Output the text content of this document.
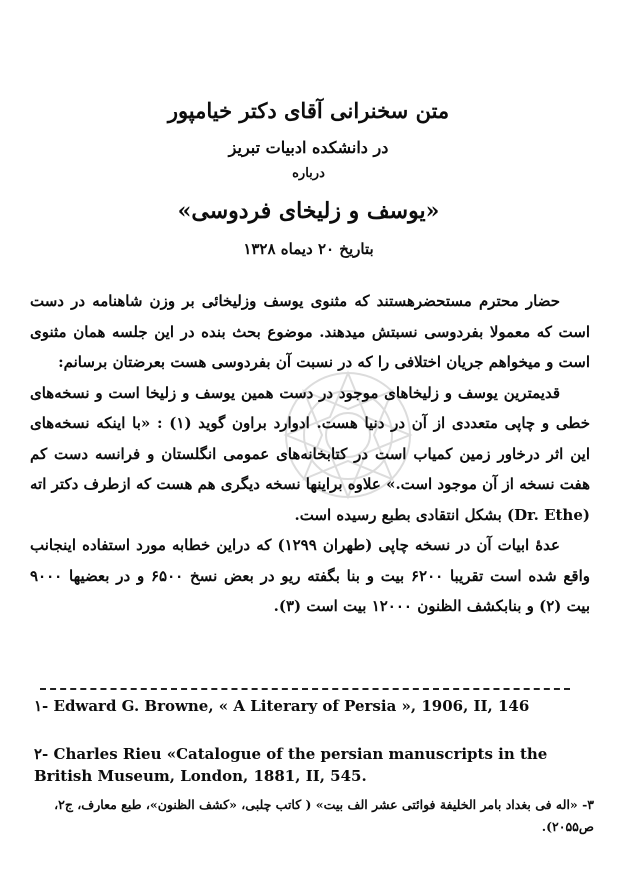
متن سخنرانی آقای دکتر خیامپور
در دانشکده ادبیات تبریز
درباره
«یوسف و زلیخای فردوسی»
بتاریخ ۲۰ دیماه ۱۳۲۸

حضار محترم مستحضرهستند که مثنوی یوسف وزلیخائی بر وزن شاهنامه در دست است که معمولا بفردوسی نسبتش میدهند. موضوع بحث بنده در این جلسه همان مثنوی است و میخواهم جریان اختلافی را که در نسبت آن بفردوسی هست بعرضتان برسانم:

قدیمترین یوسف و زلیخاهای موجود در دست همین یوسف و زلیخا است و نسخه‌های خطی و چاپی متعددی از آن در دنیا هست. ادوارد براون گوید (۱) : «با اینکه نسخه‌های این اثر درخاور زمین کمیاب است در کتابخانه‌های عمومی انگلستان و فرانسه دست کم هفت نسخه از آن موجود است.» علاوه براینها نسخه دیگری هم هست که ازطرف دکتر اته (Dr. Ethe) بشکل انتقادی بطبع رسیده است.

عدهٔ ابیات آن در نسخه چاپی (طهران ۱۲۹۹) که دراین خطابه مورد استفاده اینجانب واقع شده است تقریبا ۶۲۰۰ بیت و بنا بگفته ریو در بعض نسخ ۶۵۰۰ و در بعضیها ۹۰۰۰ بیت (۲) و بنابکشف الظنون ۱۲۰۰۰ بیت است (۳).

۱- Edward G. Browne, « A Literary of Persia », 1906, II, 146
۲- Charles Rieu «Catalogue of the persian manuscripts in the British Museum, London, 1881, II, 545.
۳- «اله فی بغداد بامر الخلیفة فوائتی عشر الف بیت» ( کاتب چلبی، «کشف الظنون»، طبع معارف، ج۲، ص۲۰۵۵).
